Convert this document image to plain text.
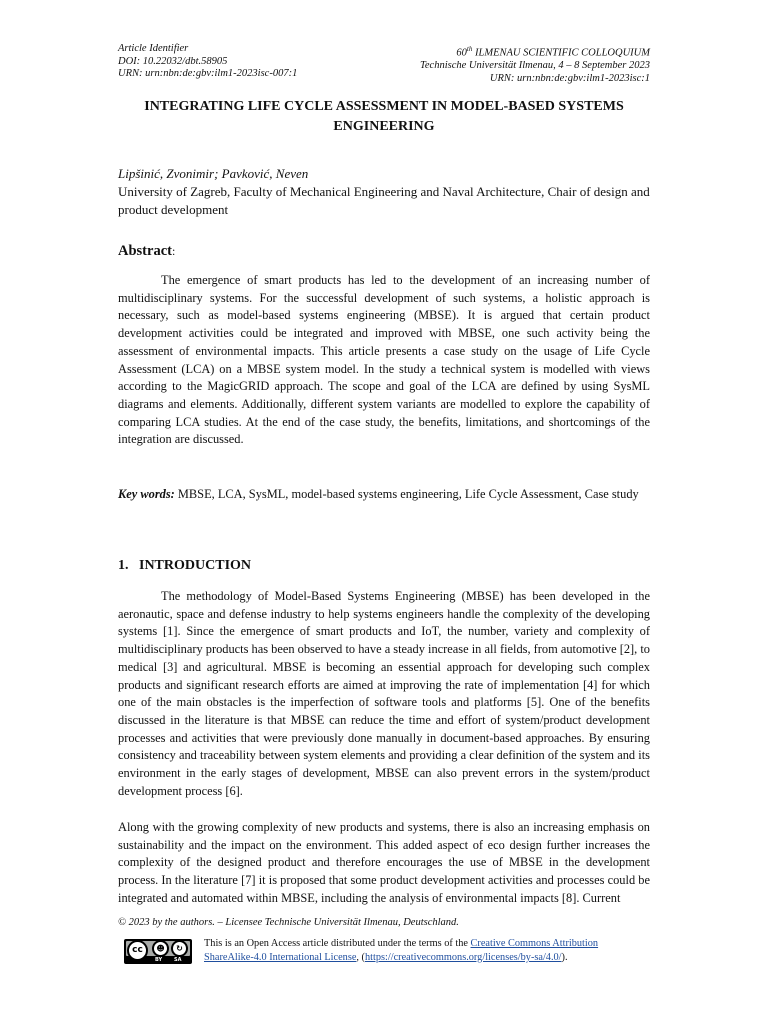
Article Identifier
DOI: 10.22032/dbt.58905
URN: urn:nbn:de:gbv:ilm1-2023isc-007:1
60th ILMENAU SCIENTIFIC COLLOQUIUM
Technische Universität Ilmenau, 4 – 8 September 2023
URN: urn:nbn:de:gbv:ilm1-2023isc:1
INTEGRATING LIFE CYCLE ASSESSMENT IN MODEL-BASED SYSTEMS ENGINEERING
Lipšinić, Zvonimir; Pavković, Neven
University of Zagreb, Faculty of Mechanical Engineering and Naval Architecture, Chair of design and product development
Abstract:
The emergence of smart products has led to the development of an increasing number of multidisciplinary systems. For the successful development of such systems, a holistic approach is necessary, such as model-based systems engineering (MBSE). It is argued that certain product development activities could be integrated and improved with MBSE, one such activity being the assessment of environmental impacts. This article presents a case study on the usage of Life Cycle Assessment (LCA) on a MBSE system model. In the study a technical system is modelled with views according to the MagicGRID approach. The scope and goal of the LCA are defined by using SysML diagrams and elements. Additionally, different system variants are modelled to explore the capability of comparing LCA studies. At the end of the case study, the benefits, limitations, and shortcomings of the integration are discussed.
Key words: MBSE, LCA, SysML, model-based systems engineering, Life Cycle Assessment, Case study
1. INTRODUCTION
The methodology of Model-Based Systems Engineering (MBSE) has been developed in the aeronautic, space and defense industry to help systems engineers handle the complexity of the developing systems [1]. Since the emergence of smart products and IoT, the number, variety and complexity of multidisciplinary products has been observed to have a steady increase in all fields, from automotive [2], to medical [3] and agricultural. MBSE is becoming an essential approach for developing such complex products and significant research efforts are aimed at improving the rate of implementation [4] for which one of the main obstacles is the imperfection of software tools and platforms [5]. One of the benefits discussed in the literature is that MBSE can reduce the time and effort of system/product development processes and activities that were previously done manually in document-based approaches. By ensuring consistency and traceability between system elements and providing a clear definition of the system and its environment in the early stages of development, MBSE can also prevent errors in the system/product development process [6].
Along with the growing complexity of new products and systems, there is also an increasing emphasis on sustainability and the impact on the environment. This added aspect of eco design further increases the complexity of the designed product and therefore encourages the use of MBSE in the development process. In the literature [7] it is proposed that some product development activities and processes could be integrated and automated within MBSE, including the analysis of environmental impacts [8]. Current
© 2023 by the authors. – Licensee Technische Universität Ilmenau, Deutschland.
cc	☻	↻
BY SA
This is an Open Access article distributed under the terms of the Creative Commons Attribution ShareAlike-4.0 International License, (https://creativecommons.org/licenses/by-sa/4.0/).
